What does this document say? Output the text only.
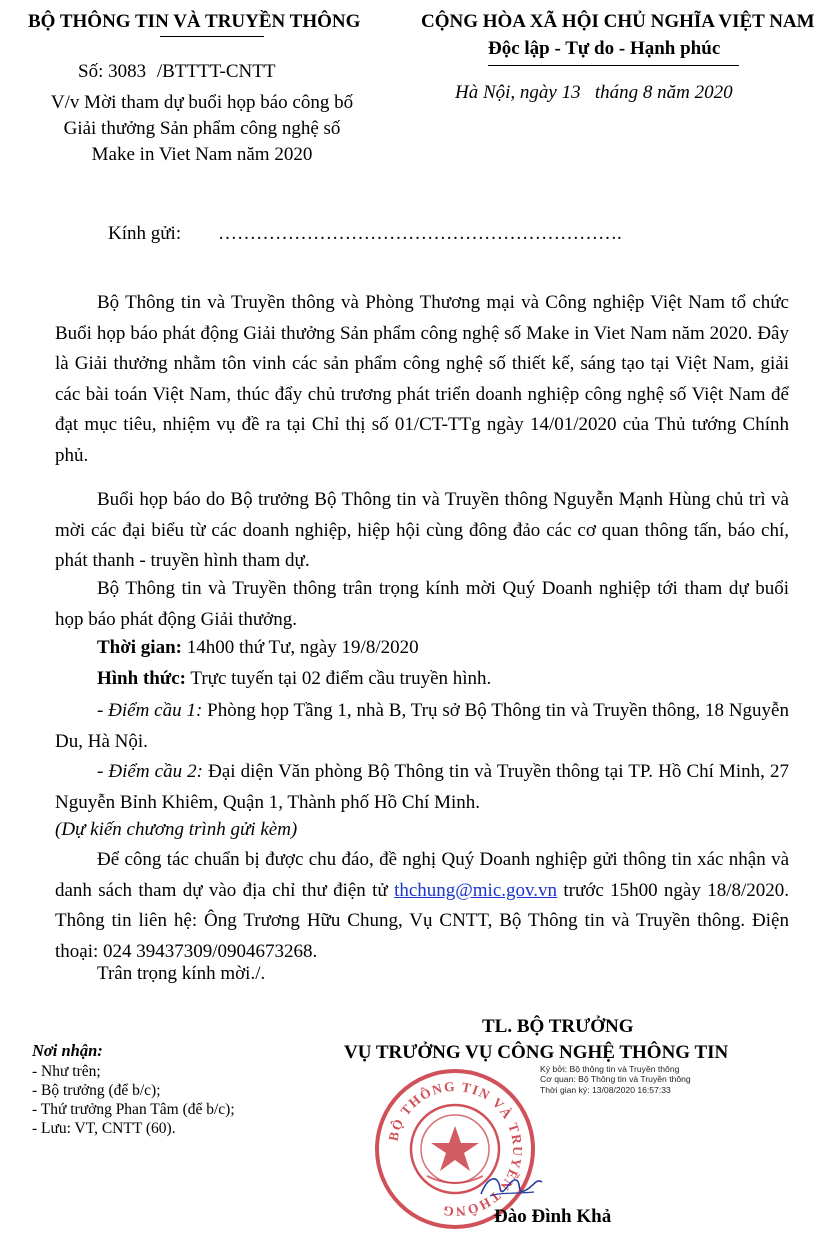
BỘ THÔNG TIN VÀ TRUYỀN THÔNG	CỘNG HÒA XÃ HỘI CHỦ NGHĨA VIỆT NAM
Độc lập - Tự do - Hạnh phúc
Số: 3083 /BTTTT-CNTT
Hà Nội, ngày 13   tháng 8 năm 2020
V/v Mời tham dự buổi họp báo công bố
Giải thưởng Sản phẩm công nghệ số
Make in Viet Nam năm 2020
Kính gửi: ……………………………………………………….
Bộ Thông tin và Truyền thông và Phòng Thương mại và Công nghiệp Việt Nam tổ chức Buổi họp báo phát động Giải thưởng Sản phẩm công nghệ số Make in Viet Nam năm 2020. Đây là Giải thưởng nhằm tôn vinh các sản phẩm công nghệ số thiết kế, sáng tạo tại Việt Nam, giải các bài toán Việt Nam, thúc đẩy chủ trương phát triển doanh nghiệp công nghệ số Việt Nam để đạt mục tiêu, nhiệm vụ đề ra tại Chỉ thị số 01/CT-TTg ngày 14/01/2020 của Thủ tướng Chính phủ.
Buổi họp báo do Bộ trưởng Bộ Thông tin và Truyền thông Nguyễn Mạnh Hùng chủ trì và mời các đại biểu từ các doanh nghiệp, hiệp hội cùng đông đảo các cơ quan thông tấn, báo chí, phát thanh - truyền hình tham dự.
Bộ Thông tin và Truyền thông trân trọng kính mời Quý Doanh nghiệp tới tham dự buổi họp báo phát động Giải thưởng.
Thời gian: 14h00 thứ Tư, ngày 19/8/2020
Hình thức: Trực tuyến tại 02 điểm cầu truyền hình.
- Điểm cầu 1: Phòng họp Tầng 1, nhà B, Trụ sở Bộ Thông tin và Truyền thông, 18 Nguyễn Du, Hà Nội.
- Điểm cầu 2: Đại diện Văn phòng Bộ Thông tin và Truyền thông tại TP. Hồ Chí Minh, 27 Nguyễn Bỉnh Khiêm, Quận 1, Thành phố Hồ Chí Minh.
(Dự kiến chương trình gửi kèm)
Để công tác chuẩn bị được chu đáo, đề nghị Quý Doanh nghiệp gửi thông tin xác nhận và danh sách tham dự vào địa chỉ thư điện tử thchung@mic.gov.vn trước 15h00 ngày 18/8/2020. Thông tin liên hệ: Ông Trương Hữu Chung, Vụ CNTT, Bộ Thông tin và Truyền thông. Điện thoại: 024 39437309/0904673268.
Trân trọng kính mời./.
Nơi nhận:
- Như trên;
- Bộ trưởng (để b/c);
- Thứ trưởng Phan Tâm (để b/c);
- Lưu: VT, CNTT (60).
TL. BỘ TRƯỞNG
VỤ TRƯỞNG VỤ CÔNG NGHỆ THÔNG TIN
BỘ THÔNG TIN VÀ TRUYỀN THÔNG
Ký bởi: Bộ thông tin và Truyền thông
Cơ quan: Bộ Thông tin và Truyền thông
Thời gian ký: 13/08/2020 16:57:33
Đào Đình Khả
